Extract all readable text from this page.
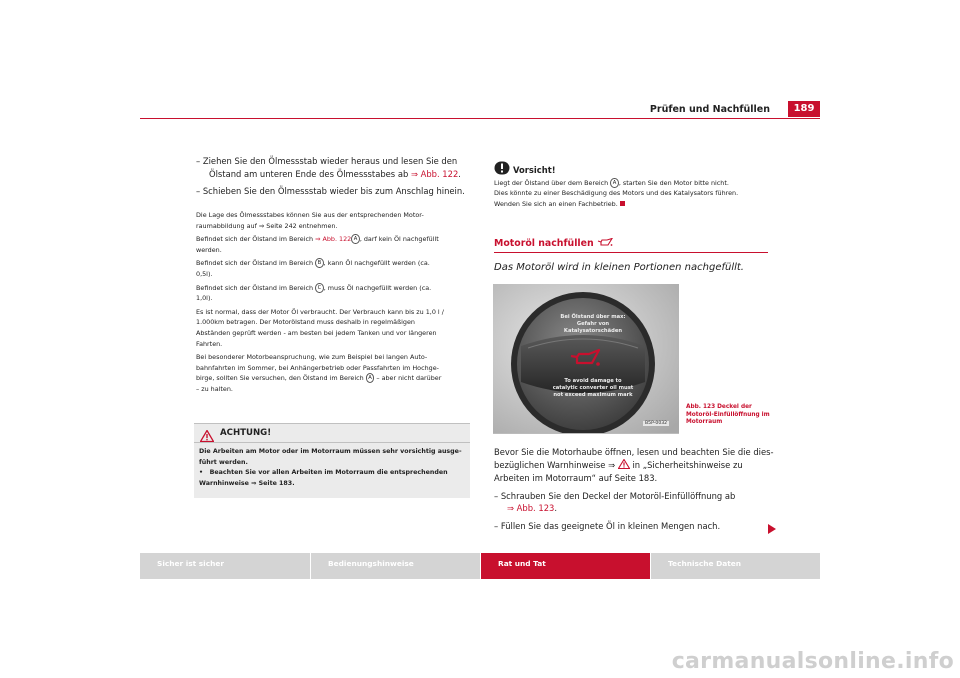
Prüfen und Nachfüllen	189
– Ziehen Sie den Ölmessstab wieder heraus und lesen Sie den
Ölstand am unteren Ende des Ölmessstabes ab ⇒ Abb. 122.
– Schieben Sie den Ölmessstab wieder bis zum Anschlag hinein.
Die Lage des Ölmessstabes können Sie aus der entsprechenden Motor-
raumabbildung auf ⇒ Seite 242 entnehmen.
Befindet sich der Ölstand im Bereich ⇒ Abb. 122 A , darf kein Öl nachgefüllt
werden.
Befindet sich der Ölstand im Bereich B , kann Öl nachgefüllt werden (ca.
0,5l).
Befindet sich der Ölstand im Bereich C , muss Öl nachgefüllt werden (ca.
1,0l).
Es ist normal, dass der Motor Öl verbraucht. Der Verbrauch kann bis zu 1,0 l /
1.000km betragen. Der Motorölstand muss deshalb in regelmäßigen
Abständen geprüft werden - am besten bei jedem Tanken und vor längeren
Fahrten.
Bei besonderer Motorbeanspruchung, wie zum Beispiel bei langen Auto-
bahnfahrten im Sommer, bei Anhängerbetrieb oder Passfahrten im Hochge-
birge, sollten Sie versuchen, den Ölstand im Bereich A – aber nicht darüber
– zu halten.
ACHTUNG!
Die Arbeiten am Motor oder im Motorraum müssen sehr vorsichtig ausge-
führt werden.
• Beachten Sie vor allen Arbeiten im Motorraum die entsprechenden
Warnhinweise ⇒ Seite 183.
Vorsicht!
Liegt der Ölstand über dem Bereich A , starten Sie den Motor bitte nicht.
Dies könnte zu einer Beschädigung des Motors und des Katalysators führen.
Wenden Sie sich an einen Fachbetrieb.
Motoröl nachfüllen
Das Motoröl wird in kleinen Portionen nachgefüllt.
Bei Ölstand über max:
Gefahr von Katalysatorschäden
To avoid damage to
catalytic converter oil must
not exceed maximum mark
B5P-0032
Abb. 123 Deckel der
Motoröl-Einfüllöffnung im
Motorraum
Bevor Sie die Motorhaube öffnen, lesen und beachten Sie die dies-
bezüglichen Warnhinweise ⇒  in „Sicherheitshinweise zu
Arbeiten im Motorraum“ auf Seite 183.
– Schrauben Sie den Deckel der Motoröl-Einfüllöffnung ab
⇒ Abb. 123.
– Füllen Sie das geeignete Öl in kleinen Mengen nach.
Sicher ist sicher	Bedienungshinweise	Rat und Tat	Technische Daten
carmanualsonline.info
